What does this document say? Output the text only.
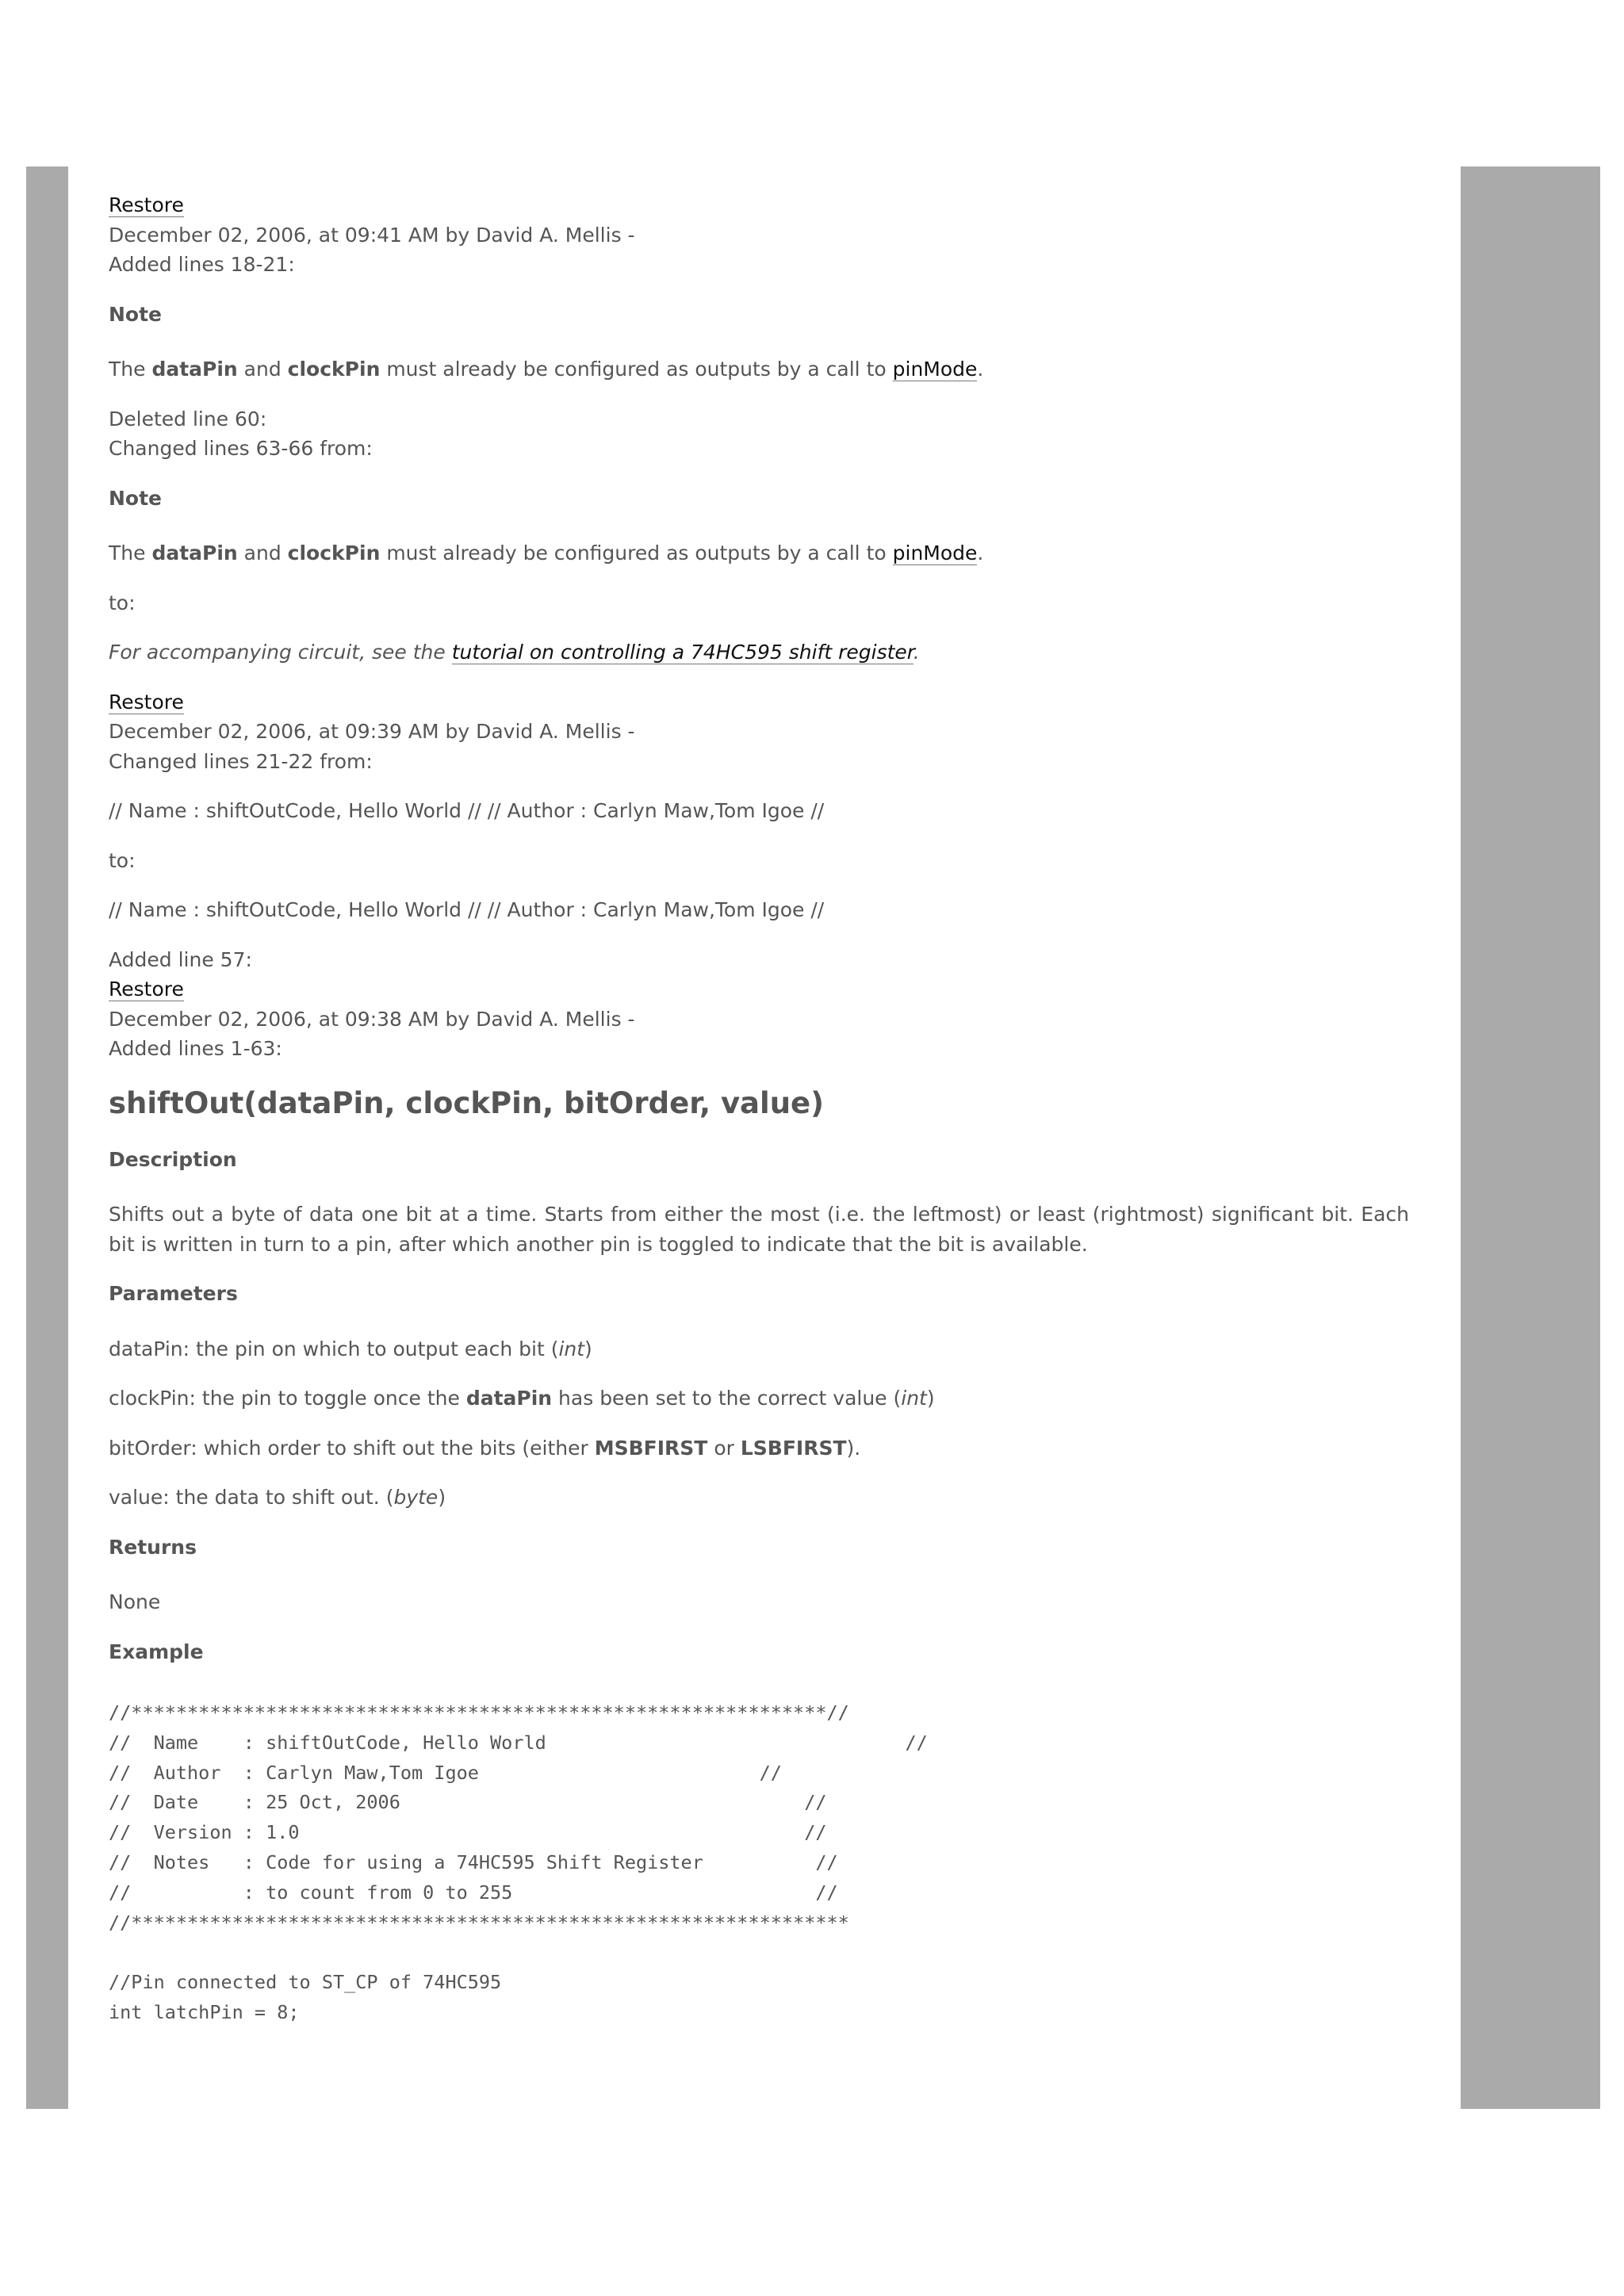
Restore
December 02, 2006, at 09:41 AM by David A. Mellis -
Added lines 18-21:

Note

The dataPin and clockPin must already be configured as outputs by a call to pinMode.

Deleted line 60:
Changed lines 63-66 from:

Note

The dataPin and clockPin must already be configured as outputs by a call to pinMode.

to:

For accompanying circuit, see the tutorial on controlling a 74HC595 shift register.

Restore
December 02, 2006, at 09:39 AM by David A. Mellis -
Changed lines 21-22 from:

// Name : shiftOutCode, Hello World // // Author : Carlyn Maw,Tom Igoe //

to:

// Name : shiftOutCode, Hello World // // Author : Carlyn Maw,Tom Igoe //

Added line 57:
Restore
December 02, 2006, at 09:38 AM by David A. Mellis -
Added lines 1-63:
shiftOut(dataPin, clockPin, bitOrder, value)

Description

Shifts out a byte of data one bit at a time. Starts from either the most (i.e. the leftmost) or least (rightmost) significant bit. Each bit is written in turn to a pin, after which another pin is toggled to indicate that the bit is available.

Parameters

dataPin: the pin on which to output each bit (int)

clockPin: the pin to toggle once the dataPin has been set to the correct value (int)

bitOrder: which order to shift out the bits (either MSBFIRST or LSBFIRST).

value: the data to shift out. (byte)

Returns

None

Example

//**************************************************************//
//  Name    : shiftOutCode, Hello World                                //
//  Author  : Carlyn Maw,Tom Igoe                         //
//  Date    : 25 Oct, 2006                                    //
//  Version : 1.0                                             //
//  Notes   : Code for using a 74HC595 Shift Register          //
//          : to count from 0 to 255                           //
//****************************************************************

//Pin connected to ST_CP of 74HC595
int latchPin = 8;
